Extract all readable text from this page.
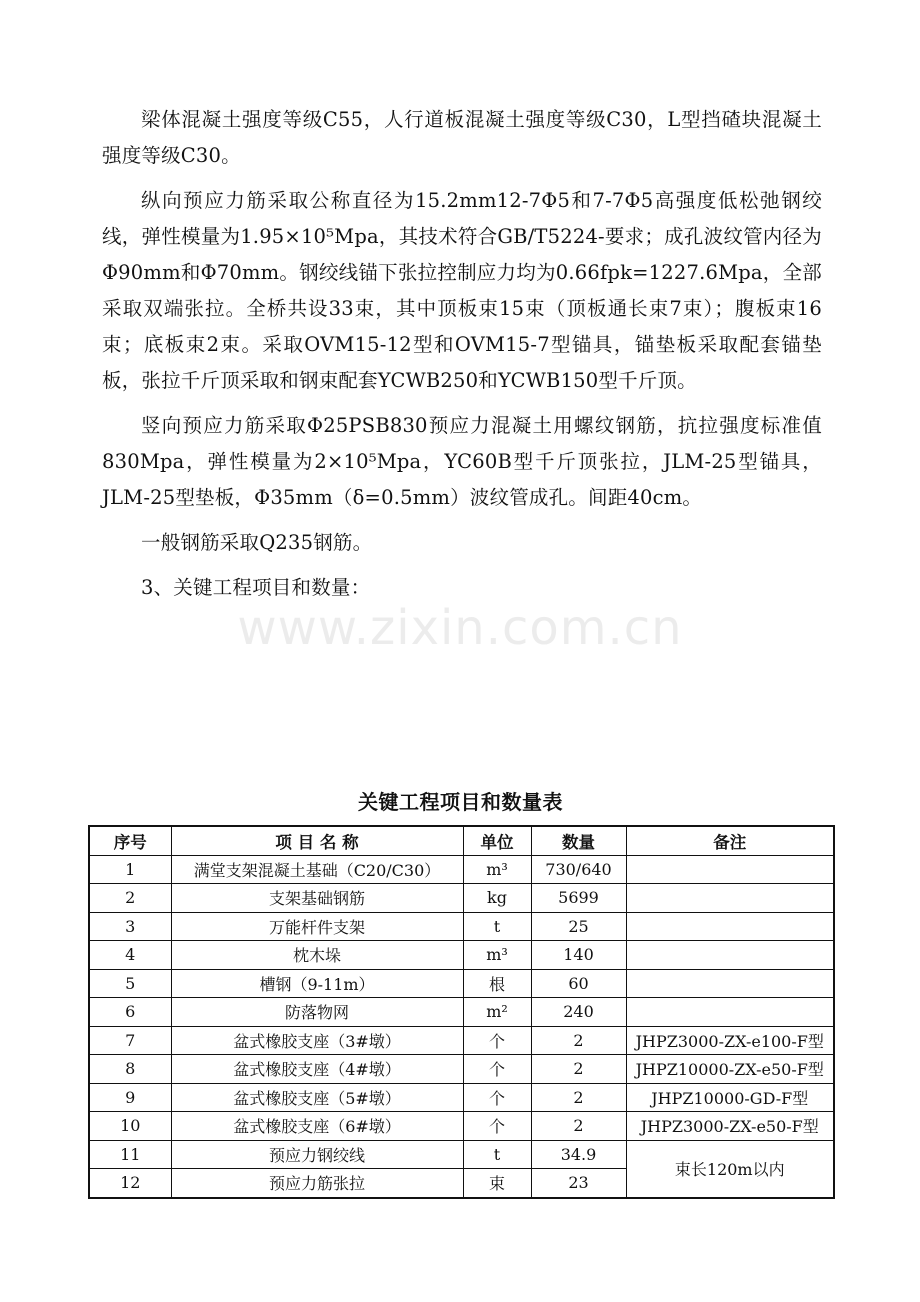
梁体混凝土强度等级C55，人行道板混凝土强度等级C30，L型挡碴块混凝土强度等级C30。

纵向预应力筋采取公称直径为15.2mm12-7Φ5和7-7Φ5高强度低松弛钢绞线，弹性模量为1.95×10⁵Mpa，其技术符合GB/T5224-要求；成孔波纹管内径为Φ90mm和Φ70mm。钢绞线锚下张拉控制应力均为0.66fpk=1227.6Mpa，全部采取双端张拉。全桥共设33束，其中顶板束15束（顶板通长束7束）；腹板束16束；底板束2束。采取OVM15-12型和OVM15-7型锚具，锚垫板采取配套锚垫板，张拉千斤顶采取和钢束配套YCWB250和YCWB150型千斤顶。

竖向预应力筋采取Φ25PSB830预应力混凝土用螺纹钢筋，抗拉强度标准值830Mpa，弹性模量为2×10⁵Mpa，YC60B型千斤顶张拉，JLM-25型锚具，JLM-25型垫板，Φ35mm（δ=0.5mm）波纹管成孔。间距40cm。

一般钢筋采取Q235钢筋。

3、关键工程项目和数量：

www.zixin.com.cn
关键工程项目和数量表
序号	项 目 名 称	单位	数量	备注
1	满堂支架混凝土基础（C20/C30）	m³	730/640	
2	支架基础钢筋	kg	5699	
3	万能杆件支架	t	25	
4	枕木垛	m³	140	
5	槽钢（9-11m）	根	60	
6	防落物网	m²	240	
7	盆式橡胶支座（3#墩）	个	2	JHPZ3000-ZX-e100-F型
8	盆式橡胶支座（4#墩）	个	2	JHPZ10000-ZX-e50-F型
9	盆式橡胶支座（5#墩）	个	2	JHPZ10000-GD-F型
10	盆式橡胶支座（6#墩）	个	2	JHPZ3000-ZX-e50-F型
11	预应力钢绞线	t	34.9	束长120m以内
12	预应力筋张拉	束	23	
